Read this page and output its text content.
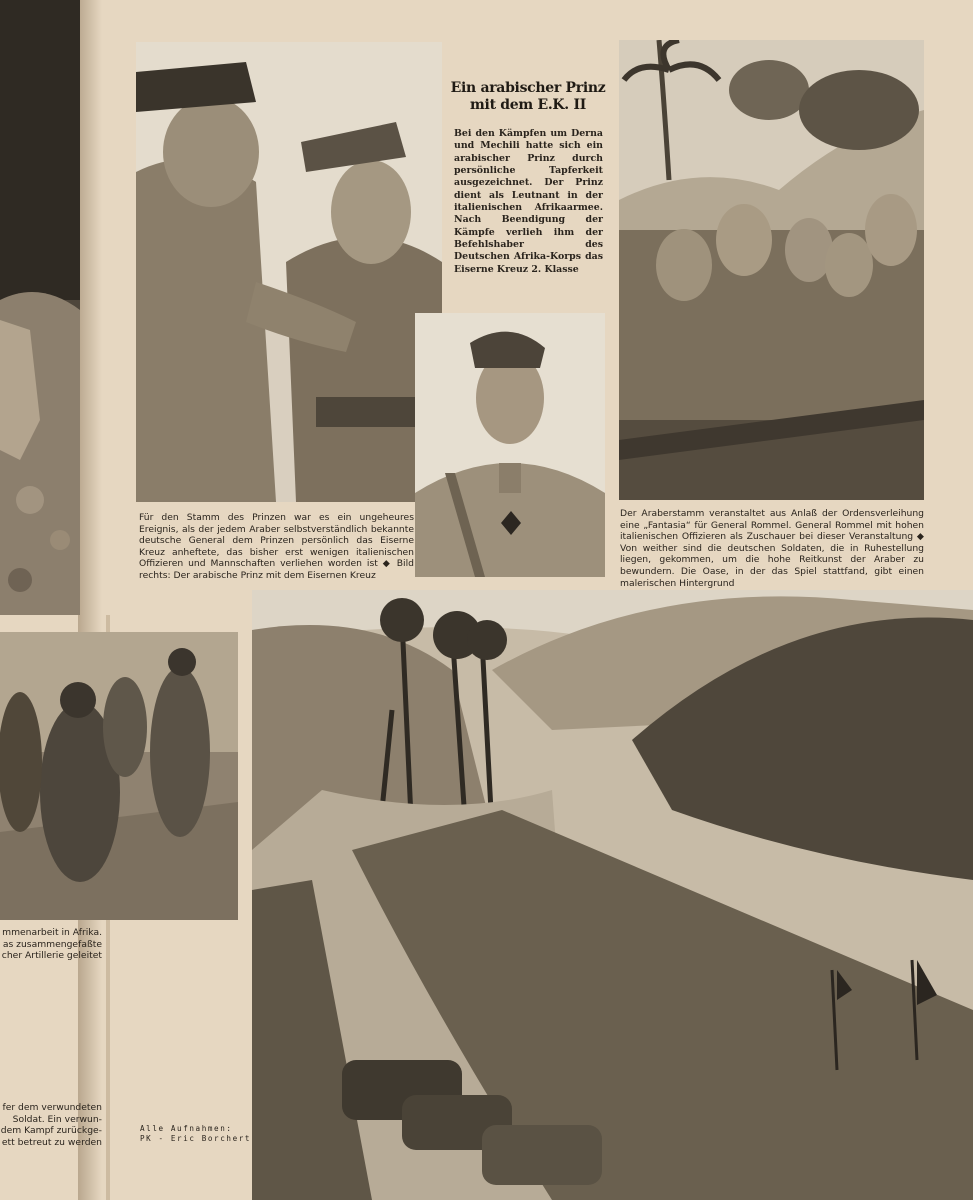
mmenarbeit in Afrika.
as zusammengefaßte
cher Artillerie geleitet
fer dem verwundeten
Soldat. Ein verwun-
dem Kampf zurückge-
ett betreut zu werden
Ein arabischer Prinz
mit dem E.K. II

Bei den Kämpfen um Derna und Mechili hatte sich ein arabischer Prinz durch persönliche Tapferkeit ausgezeichnet. Der Prinz dient als Leutnant in der italienischen Afrikaarmee. Nach Beendigung der Kämpfe verlieh ihm der Befehlshaber des Deutschen Afrika-Korps das Eiserne Kreuz 2. Klasse

Für den Stamm des Prinzen war es ein ungeheures Ereignis, als der jedem Araber selbstverständlich bekannte deutsche General dem Prinzen persönlich das Eiserne Kreuz anheftete, das bisher erst wenigen italienischen Offizieren und Mannschaften verliehen worden ist ◆ Bild rechts: Der arabische Prinz mit dem Eisernen Kreuz

Der Araberstamm veranstaltet aus Anlaß der Ordensverleihung eine „Fantasia“ für General Rommel. General Rommel mit hohen italienischen Offizieren als Zuschauer bei dieser Veranstaltung ◆ Von weither sind die deutschen Soldaten, die in Ruhestellung liegen, gekommen, um die hohe Reitkunst der Araber zu bewundern. Die Oase, in der das Spiel stattfand, gibt einen malerischen Hintergrund

Alle Aufnahmen:
PK - Eric Borchert
